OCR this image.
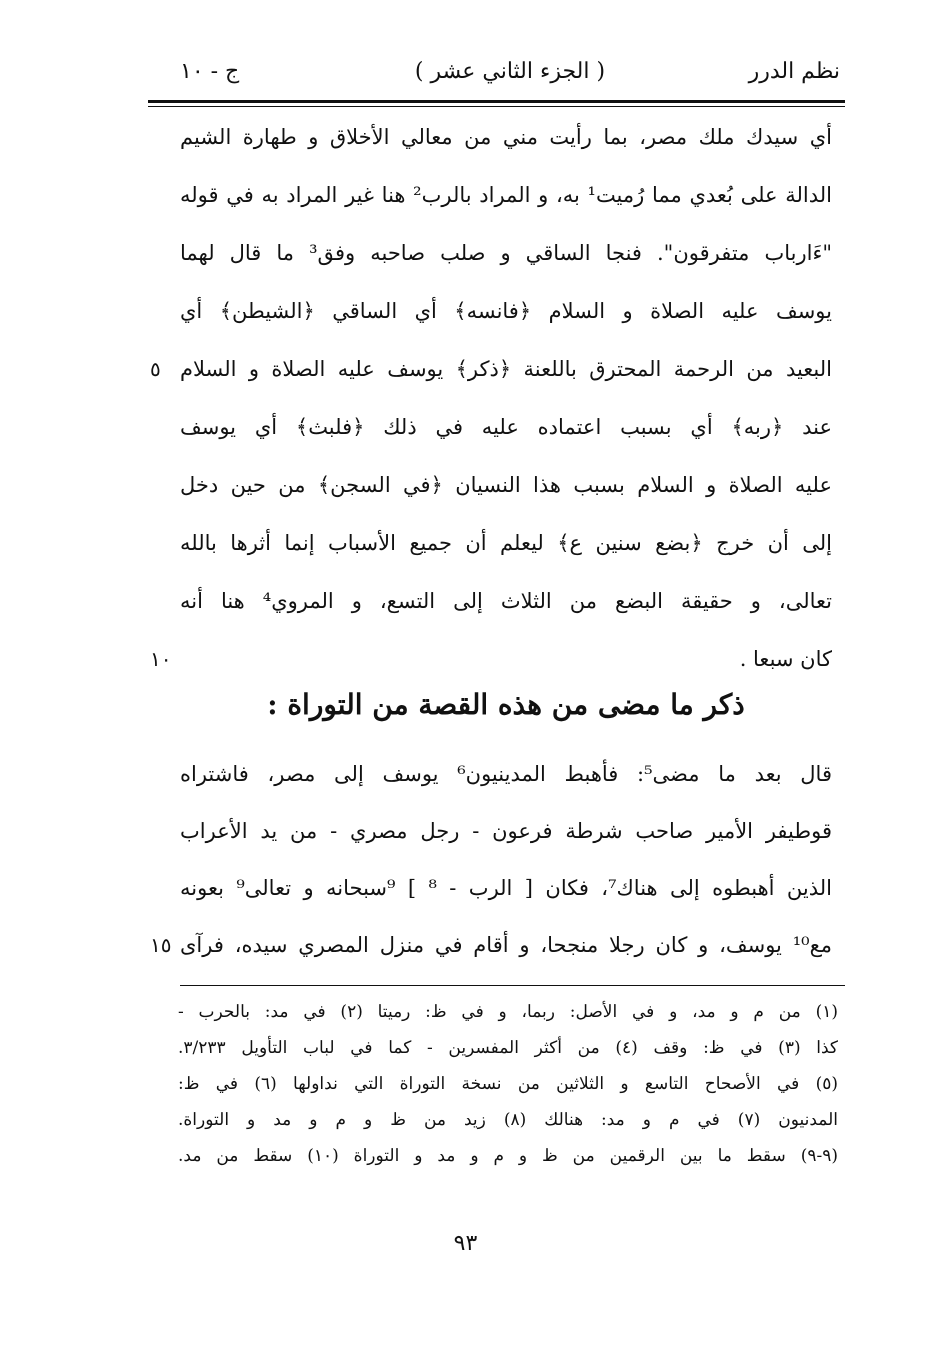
نظم الدرر
( الجزء الثاني عشر )
ج - ١٠
أي سيدك ملك مصر، بما رأيت مني من معالي الأخلاق و طهارة الشيم
الدالة على بُعدي مما رُميت¹ به، و المراد بالرب² هنا غير المراد به في قوله
"ءَارباب متفرقون". فنجا الساقي و صلب صاحبه وفق³ ما قال لهما
يوسف عليه الصلاة و السلام ﴿فانسه﴾ أي الساقي ﴿الشيطن﴾ أي
البعيد من الرحمة المحترق باللعنة ﴿ذكر﴾ يوسف عليه الصلاة و السلام
عند ﴿ربه﴾ أي بسبب اعتماده عليه في ذلك ﴿فلبث﴾ أي يوسف
عليه الصلاة و السلام بسبب هذا النسيان ﴿في السجن﴾ من حين دخل
إلى أن خرج ﴿بضع سنين ع﴾ ليعلم أن جميع الأسباب إنما أثرها بالله
تعالى، و حقيقة البضع من الثلاث إلى التسع، و المروي⁴ هنا أنه
كان سبعا .
٥
١٠
ذكر ما مضى من هذه القصة من التوراة :
قال بعد ما مضى⁵: فأهبط المدينيون⁶ يوسف إلى مصر، فاشتراه
قوطيفر الأمير صاحب شرطة فرعون - رجل مصري - من يد الأعراب
الذين أهبطوه إلى هناك⁷، فكان [ الرب - ⁸ ] ⁹سبحانه و تعالى⁹ بعونه
مع¹⁰ يوسف، و كان رجلا منجحا، و أقام في منزل المصري سيده، فرآى
١٥
(١) من م و مد، و في الأصل: ربما، و في ظ: رميتا (٢) في مد: بالحرب -
كذا (٣) في ظ: وقف (٤) من أكثر المفسرين - كما في لباب التأويل ٣/٢٣٣.
(٥) في الأصحاح التاسع و الثلاثين من نسخة التوراة التي نداولها (٦) في ظ:
المدنيون (٧) في م و مد: هنالك (٨) زيد من ظ و م و مد و التوراة.
(٩-٩) سقط ما بين الرقمين من ظ و م و مد و التوراة (١٠) سقط من مد.
٩٣
